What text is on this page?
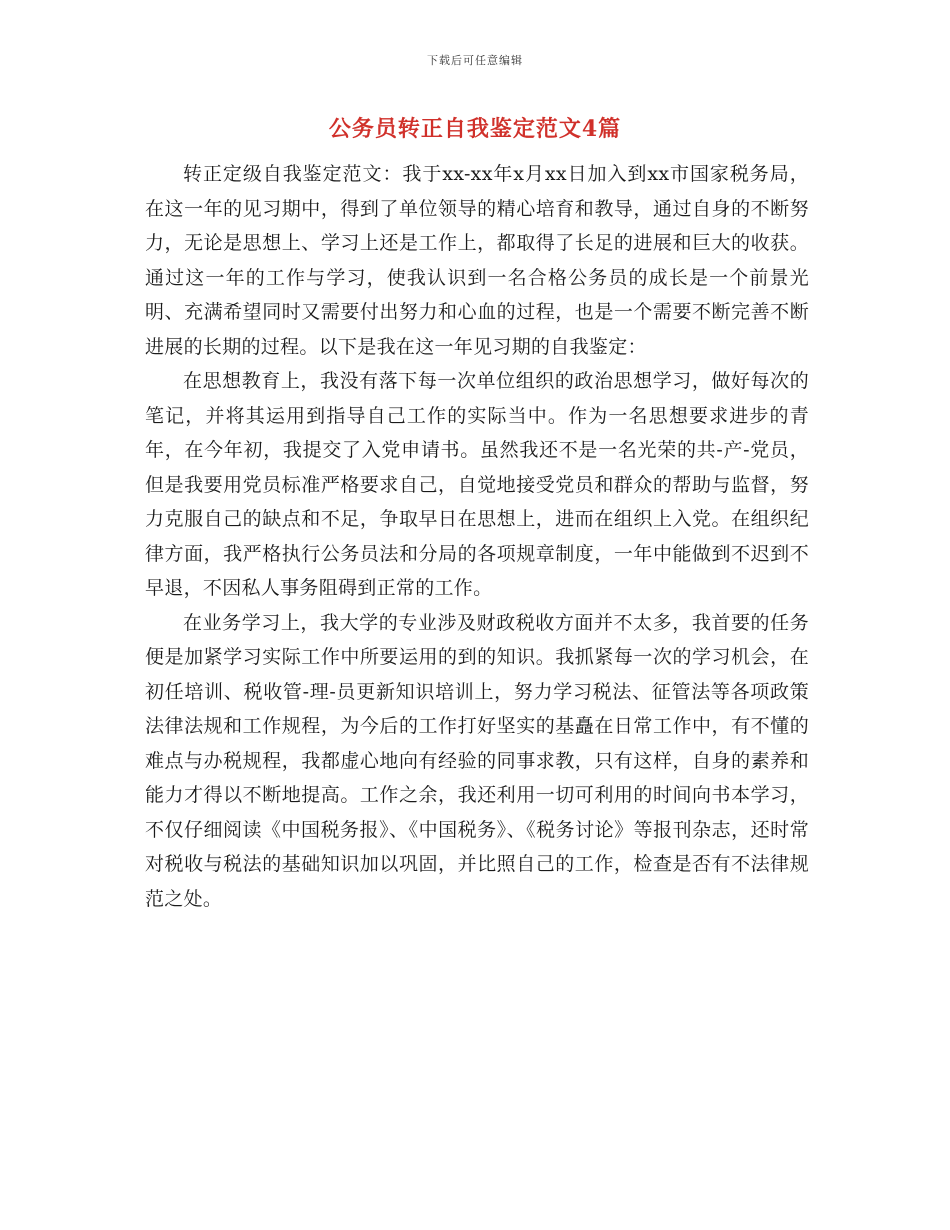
下载后可任意编辑
公务员转正自我鉴定范文4篇

转正定级自我鉴定范文：我于xx-xx年x月xx日加入到xx市国家税务局，在这一年的见习期中，得到了单位领导的精心培育和教导，通过自身的不断努力，无论是思想上、学习上还是工作上，都取得了长足的进展和巨大的收获。通过这一年的工作与学习，使我认识到一名合格公务员的成长是一个前景光明、充满希望同时又需要付出努力和心血的过程，也是一个需要不断完善不断进展的长期的过程。以下是我在这一年见习期的自我鉴定：

在思想教育上，我没有落下每一次单位组织的政治思想学习，做好每次的笔记，并将其运用到指导自己工作的实际当中。作为一名思想要求进步的青年，在今年初，我提交了入党申请书。虽然我还不是一名光荣的共-产-党员，但是我要用党员标准严格要求自己，自觉地接受党员和群众的帮助与监督，努力克服自己的缺点和不足，争取早日在思想上，进而在组织上入党。在组织纪律方面，我严格执行公务员法和分局的各项规章制度，一年中能做到不迟到不早退，不因私人事务阻碍到正常的工作。

在业务学习上，我大学的专业涉及财政税收方面并不太多，我首要的任务便是加紧学习实际工作中所要运用的到的知识。我抓紧每一次的学习机会，在初任培训、税收管-理-员更新知识培训上，努力学习税法、征管法等各项政策法律法规和工作规程，为今后的工作打好坚实的基矗在日常工作中，有不懂的难点与办税规程，我都虚心地向有经验的同事求教，只有这样，自身的素养和能力才得以不断地提高。工作之余，我还利用一切可利用的时间向书本学习，不仅仔细阅读《中国税务报》、《中国税务》、《税务讨论》等报刊杂志，还时常对税收与税法的基础知识加以巩固，并比照自己的工作，检查是否有不法律规范之处。
